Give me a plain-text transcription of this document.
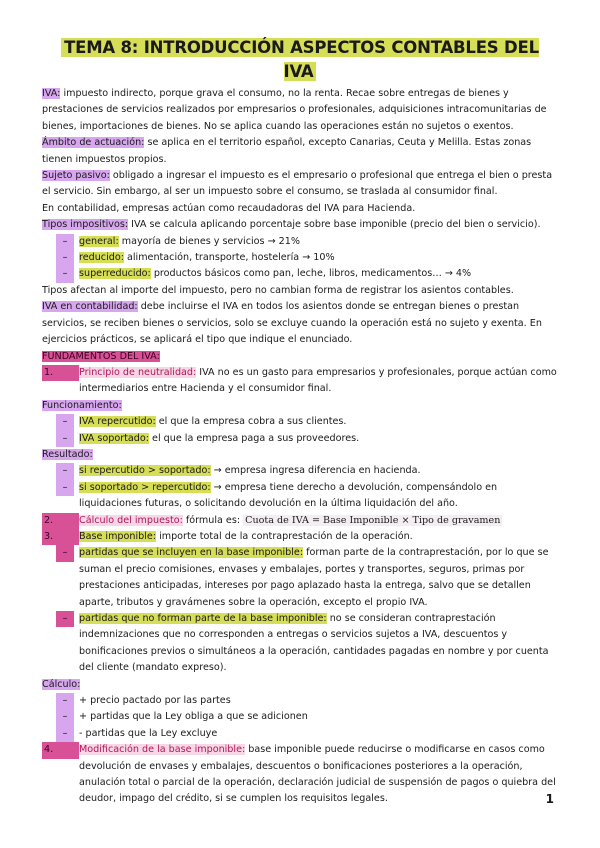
TEMA 8: INTRODUCCIÓN ASPECTOS CONTABLES DEL IVA

IVA: impuesto indirecto, porque grava el consumo, no la renta. Recae sobre entregas de bienes y prestaciones de servicios realizados por empresarios o profesionales, adquisiciones intracomunitarias de bienes, importaciones de bienes. No se aplica cuando las operaciones están no sujetos o exentos.

Ámbito de actuación: se aplica en el territorio español, excepto Canarias, Ceuta y Melilla. Estas zonas tienen impuestos propios.

Sujeto pasivo: obligado a ingresar el impuesto es el empresario o profesional que entrega el bien o presta el servicio. Sin embargo, al ser un impuesto sobre el consumo, se traslada al consumidor final.

En contabilidad, empresas actúan como recaudadoras del IVA para Hacienda.

Tipos impositivos: IVA se calcula aplicando porcentaje sobre base imponible (precio del bien o servicio).

–	general: mayoría de bienes y servicios → 21%
–	reducido: alimentación, transporte, hostelería → 10%
–	superreducido: productos básicos como pan, leche, libros, medicamentos… → 4%

Tipos afectan al importe del impuesto, pero no cambian forma de registrar los asientos contables.

IVA en contabilidad: debe incluirse el IVA en todos los asientos donde se entregan bienes o prestan servicios, se reciben bienes o servicios, solo se excluye cuando la operación está no sujeto y exenta. En ejercicios prácticos, se aplicará el tipo que indique el enunciado.

FUNDAMENTOS DEL IVA:

1.	Principio de neutralidad: IVA no es un gasto para empresarios y profesionales, porque actúan como intermediarios entre Hacienda y el consumidor final.

Funcionamiento:

–	IVA repercutido: el que la empresa cobra a sus clientes.
–	IVA soportado: el que la empresa paga a sus proveedores.

Resultado:

–	si repercutido > soportado: → empresa ingresa diferencia en hacienda.
–	si soportado > repercutido: → empresa tiene derecho a devolución, compensándolo en liquidaciones futuras, o solicitando devolución en la última liquidación del año.
2.	Cálculo del impuesto: fórmula es: Cuota de IVA = Base Imponible × Tipo de gravamen
3.	Base imponible: importe total de la contraprestación de la operación.
–	partidas que se incluyen en la base imponible: forman parte de la contraprestación, por lo que se suman el precio comisiones, envases y embalajes, portes y transportes, seguros, primas por prestaciones anticipadas, intereses por pago aplazado hasta la entrega, salvo que se detallen aparte, tributos y gravámenes sobre la operación, excepto el propio IVA.
–	partidas que no forman parte de la base imponible: no se consideran contraprestación indemnizaciones que no corresponden a entregas o servicios sujetos a IVA, descuentos y bonificaciones previos o simultáneos a la operación, cantidades pagadas en nombre y por cuenta del cliente (mandato expreso).

Cálculo:

–	+ precio pactado por las partes
–	+ partidas que la Ley obliga a que se adicionen
–	- partidas que la Ley excluye
4.	Modificación de la base imponible: base imponible puede reducirse o modificarse en casos como devolución de envases y embalajes, descuentos o bonificaciones posteriores a la operación, anulación total o parcial de la operación, declaración judicial de suspensión de pagos o quiebra del deudor, impago del crédito, si se cumplen los requisitos legales.	1
